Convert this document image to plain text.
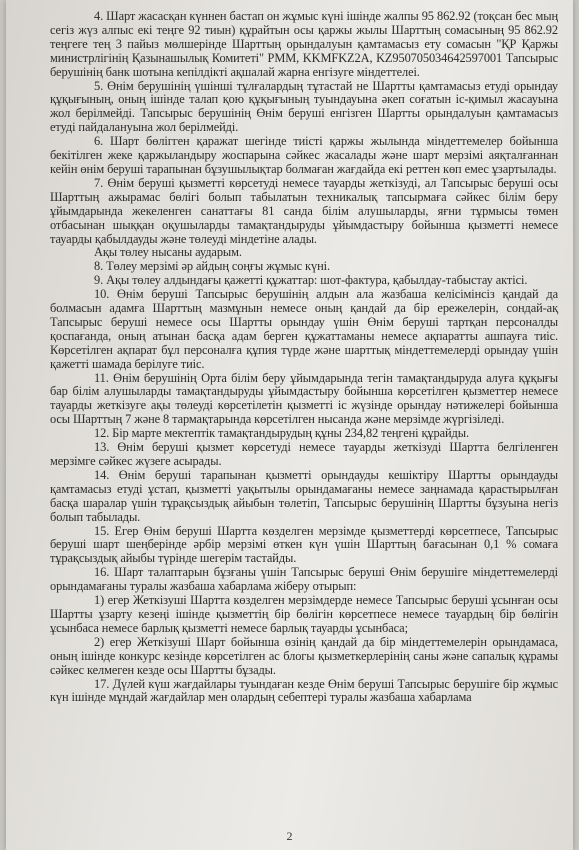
4. Шарт жасасқан күннен бастап он жұмыс күні ішінде жалпы 95 862.92 (тоқсан бес мың сегіз жүз алпыс екі теңге 92 тиын) құрайтын осы қаржы жылы Шарттың сомасының 95 862.92 теңгеге тең 3 пайыз мөлшерінде Шарттың орындалуын қамтамасыз ету сомасын "ҚР Қаржы министрлігінің Қазынашылық Комитеті" РММ, KKMFKZ2A, KZ950705034642597001 Тапсырыс берушінің банк шотына кепілдікті ақшалай жарна енгізуге міндеттелеі.

5. Өнім берушінің үшінші тұлғалардың тұтастай не Шартты қамтамасыз етуді орындау құқығының, оның ішінде талап қою құқығының туындауына әкеп соғатын іс-қимыл жасауына жол берілмейді. Тапсырыс берушінің Өнім беруші енгізген Шартты орындалуын қамтамасыз етуді пайдалануына жол берілмейді.

6. Шарт бөлігген қаражат шегінде тиісті қаржы жылында міндеттемелер бойынша бекітілген жеке қаржыландыру жоспарына сәйкес жасалады және шарт мерзімі аяқталғаннан кейін өнім беруші тарапынан бұзушылықтар болмаған жағдайда екі реттен көп емес ұзартылады.

7. Өнім беруші қызметті көрсетуді немесе тауарды жеткізуді, ал Тапсырыс беруші осы Шарттың ажырамас бөлігі болып табылатын техникалық тапсырмаға сәйкес білім беру ұйымдарында жекеленген санаттағы 81 санда білім алушыларды, яғни тұрмысы төмен отбасынан шыққан оқушыларды тамақтандыруды ұйымдастыру бойынша қызметті немесе тауарды қабылдауды және төлеуді міндетіне алады.

Ақы төлеу нысаны аударым.

8. Төлеу мерзімі әр айдың соңғы жұмыс күні.

9. Ақы төлеу алдындағы қажетті құжаттар: шот-фактура, қабылдау-табыстау актісі.

10. Өнім беруші Тапсырыс берушінің алдын ала жазбаша келісімінсіз қандай да болмасын адамға Шарттың мазмұнын немесе оның қандай да бір ережелерін, сондай-ақ Тапсырыс беруші немесе осы Шартты орындау үшін Өнім беруші тартқан персоналды қоспағанда, оның атынан басқа адам берген құжаттаманы немесе ақпаратты ашпауға тиіс. Көрсетілген ақпарат бұл персоналға құпия түрде және шарттық міндеттемелерді орындау үшін қажетті шамада берілуге тиіс.

11. Өнім берушінің Орта білім беру ұйымдарында тегін тамақтандыруда алуға құқығы бар білім алушыларды тамақтандыруды ұйымдастыру бойынша көрсетілген қызметтер немесе тауарды жеткізуге ақы төлеуді көрсетілетін қызметті іс жүзінде орындау нәтижелері бойынша осы Шарттың 7 және 8 тармақтарында көрсетілген нысанда және мерзімде жүргізіледі.

12. Бір марте мектептік тамақтандырудың құны 234,82 теңгені құрайды.

13. Өнім беруші қызмет көрсетуді немесе тауарды жеткізуді Шартта белгіленген мерзімге сәйкес жүзеге асырады.

14. Өнім беруші тарапынан қызметті орындауды кешіктіру Шартты орындауды қамтамасыз етуді ұстап, қызметті уақытылы орындамағаны немесе заңнамада қарастырылған басқа шаралар үшін тұрақсыздық айыбын төлетіп, Тапсырыс берушінің Шартты бұзуына негіз болып табылады.

15. Егер Өнім беруші Шартта көзделген мерзімде қызметтерді көрсетпесе, Тапсырыс беруші шарт шеңберінде әрбір мерзімі өткен күн үшін Шарттың бағасынан 0,1 % сомаға тұрақсыздық айыбы түрінде шегерім тастайды.

16. Шарт талаптарын бұзғаны үшін Тапсырыс беруші Өнім берушіге міндеттемелерді орындамағаны туралы жазбаша хабарлама жіберу отырып:

1) егер Жеткізуші Шартта көзделген мерзімдерде немесе Тапсырыс беруші ұсынған осы Шартты ұзарту кезеңі ішінде қызметтің бір бөлігін көрсетпесе немесе тауардың бір бөлігін ұсынбаса немесе барлық қызметті немесе барлық тауарды ұсынбаса;

2) егер Жеткізуші Шарт бойынша өзінің қандай да бір міндеттемелерін орындамаса, оның ішінде конкурс кезінде көрсетілген ас блогы қызметкерлерінің саны және сапалық құрамы сәйкес келмеген кезде осы Шартты бұзады.

17. Дүлей күш жағдайлары туындаған кезде Өнім беруші Тапсырыс берушіге бір жұмыс күн ішінде мұндай жағдайлар мен олардың себептері туралы жазбаша хабарлама

2
